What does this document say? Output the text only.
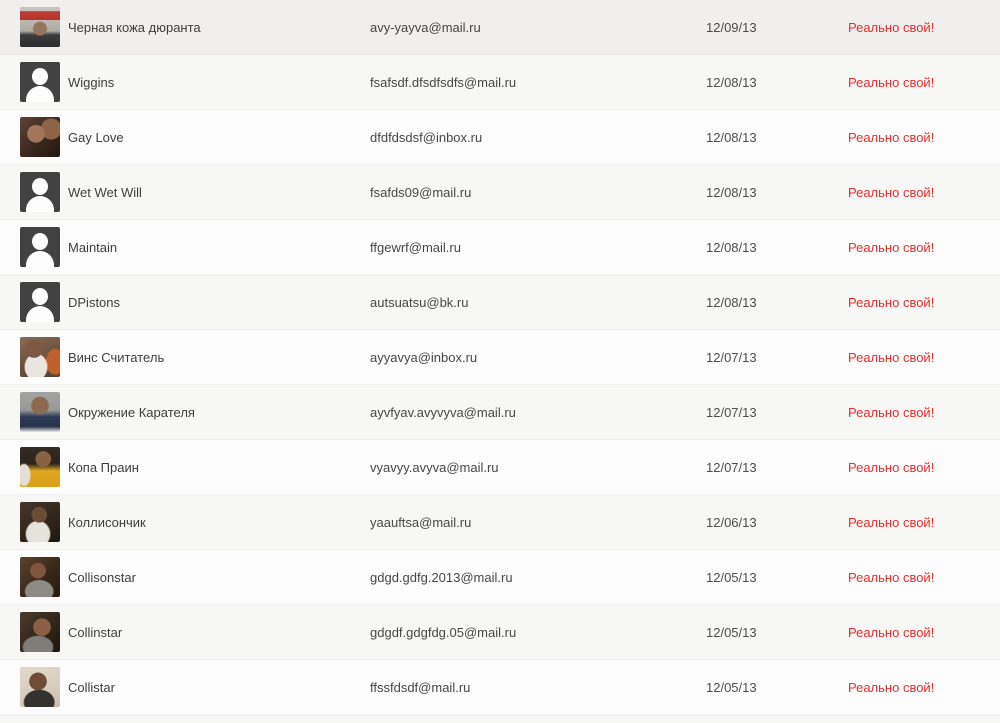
Черная кожа дюранта	avy-yayva@mail.ru	12/09/13	Реально свой!
Wiggins	fsafsdf.dfsdfsdfs@mail.ru	12/08/13	Реально свой!
Gay Love	dfdfdsdsf@inbox.ru	12/08/13	Реально свой!
Wet Wet Will	fsafds09@mail.ru	12/08/13	Реально свой!
Maintain	ffgewrf@mail.ru	12/08/13	Реально свой!
DPistons	autsuatsu@bk.ru	12/08/13	Реально свой!
Винс Считатель	ayyavya@inbox.ru	12/07/13	Реально свой!
Окружение Карателя	ayvfyav.avyvyva@mail.ru	12/07/13	Реально свой!
Копа Праин	vyavyy.avyva@mail.ru	12/07/13	Реально свой!
Коллисончик	yaauftsa@mail.ru	12/06/13	Реально свой!
Collisonstar	gdgd.gdfg.2013@mail.ru	12/05/13	Реально свой!
Collinstar	gdgdf.gdgfdg.05@mail.ru	12/05/13	Реально свой!
Collistar	ffssfdsdf@mail.ru	12/05/13	Реально свой!
